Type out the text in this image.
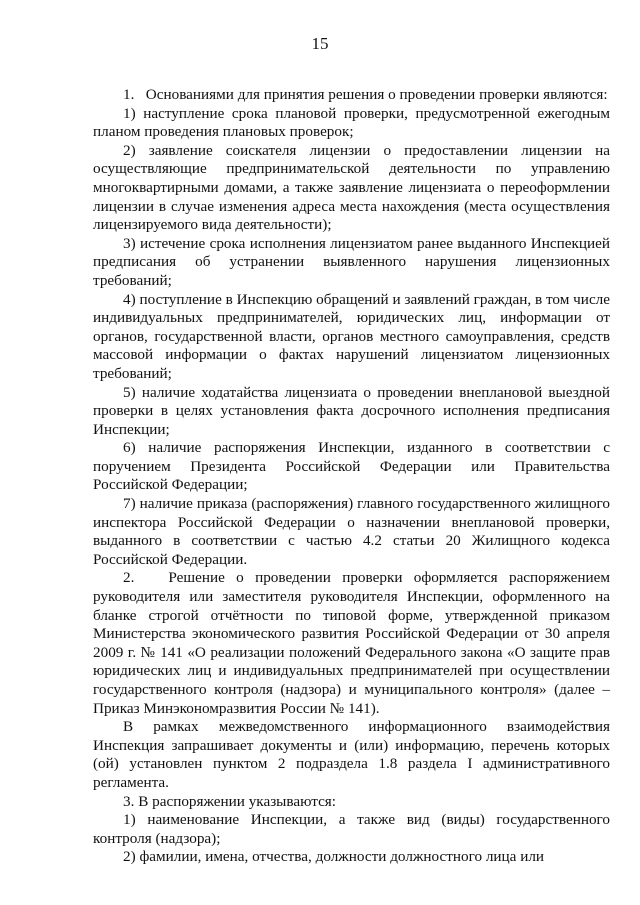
15

1.   Основаниями для принятия решения о проведении проверки являются:

1) наступление срока плановой проверки, предусмотренной ежегодным планом проведения плановых проверок;

2) заявление соискателя лицензии о предоставлении лицензии на осуществляющие предпринимательской деятельности по управлению многоквартирными домами, а также заявление лицензиата о переоформлении лицензии в случае изменения адреса места нахождения (места осуществления лицензируемого вида деятельности);

3) истечение срока исполнения лицензиатом ранее выданного Инспекцией предписания об устранении выявленного нарушения лицензионных требований;

4) поступление в Инспекцию обращений и заявлений граждан, в том числе индивидуальных предпринимателей, юридических лиц, информации от органов, государственной власти, органов местного самоуправления, средств массовой информации о фактах нарушений лицензиатом лицензионных требований;

5) наличие ходатайства лицензиата о проведении внеплановой выездной проверки в целях установления факта досрочного исполнения предписания Инспекции;

6) наличие распоряжения Инспекции, изданного в соответствии с поручением Президента Российской Федерации или Правительства Российской Федерации;

7) наличие приказа (распоряжения) главного государственного жилищного инспектора Российской Федерации о назначении внеплановой проверки, выданного в соответствии с частью 4.2 статьи 20 Жилищного кодекса Российской Федерации.

2.   Решение о проведении проверки оформляется распоряжением руководителя или заместителя руководителя Инспекции, оформленного на бланке строгой отчётности по типовой форме, утвержденной приказом Министерства экономического развития Российской Федерации от 30 апреля 2009 г. № 141 «О реализации положений Федерального закона «О защите прав юридических лиц и индивидуальных предпринимателей при осуществлении государственного контроля (надзора) и муниципального контроля» (далее – Приказ Минэкономразвития России № 141).

В рамках межведомственного информационного взаимодействия Инспекция запрашивает документы и (или) информацию, перечень которых (ой) установлен пунктом 2 подраздела 1.8 раздела I административного регламента.

3. В распоряжении указываются:

1) наименование Инспекции, а также вид (виды) государственного контроля (надзора);

2) фамилии, имена, отчества, должности должностного лица или
